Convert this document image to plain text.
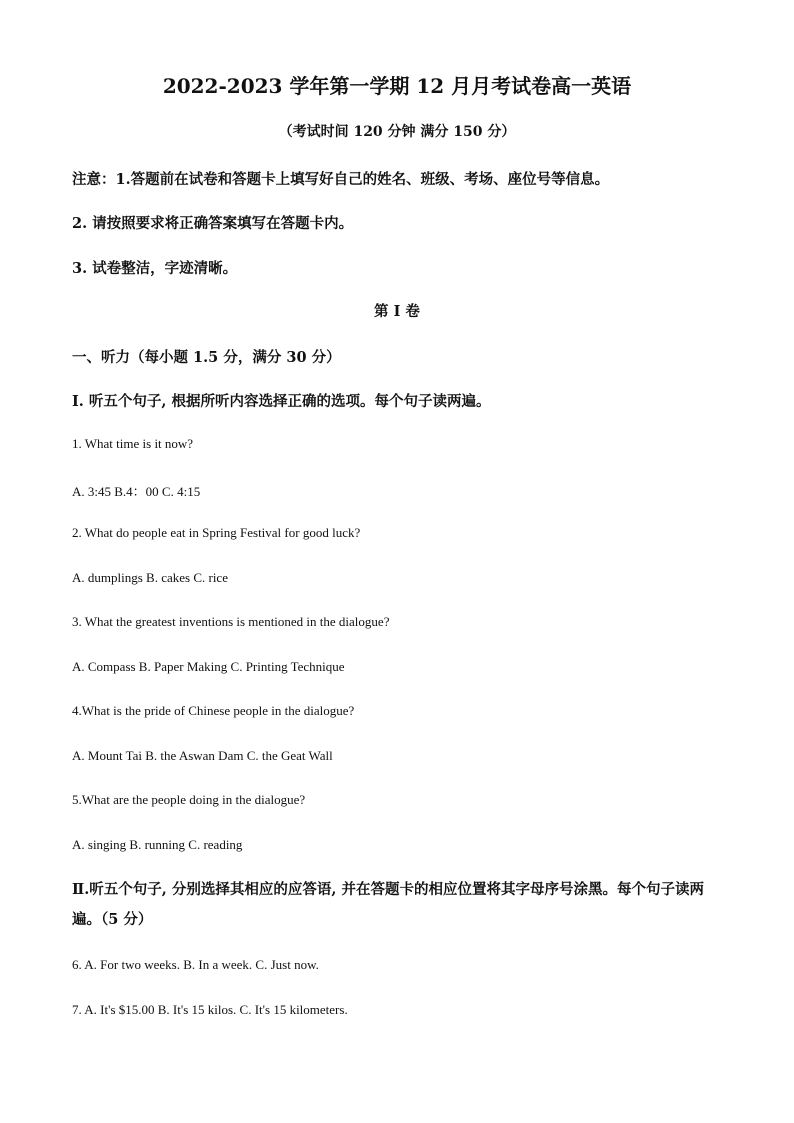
2022-2023 学年第一学期 12 月月考试卷高一英语
（考试时间 120 分钟 满分 150 分）
注意：1.答题前在试卷和答题卡上填写好自己的姓名、班级、考场、座位号等信息。
2. 请按照要求将正确答案填写在答题卡内。
3. 试卷整洁，字迹清晰。
第 I 卷
一、听力（每小题 1.5 分，满分 30 分）
I. 听五个句子, 根据所听内容选择正确的选项。每个句子读两遍。
1. What time is it now?
A. 3:45 B.4：00 C. 4:15
2. What do people eat in Spring Festival for good luck?
A. dumplings B. cakes C. rice
3. What the greatest inventions is mentioned in the dialogue?
A. Compass B. Paper Making C. Printing Technique
4.What is the pride of Chinese people in the dialogue?
A. Mount Tai B. the Aswan Dam C. the Geat Wall
5.What are the people doing in the dialogue?
A. singing B. running C. reading
Ⅱ.听五个句子, 分别选择其相应的应答语, 并在答题卡的相应位置将其字母序号涂黑。每个句子读两遍。（5 分）
6. A. For two weeks. B. In a week. C. Just now.
7. A. It's $15.00 B. It's 15 kilos. C. It's 15 kilometers.
